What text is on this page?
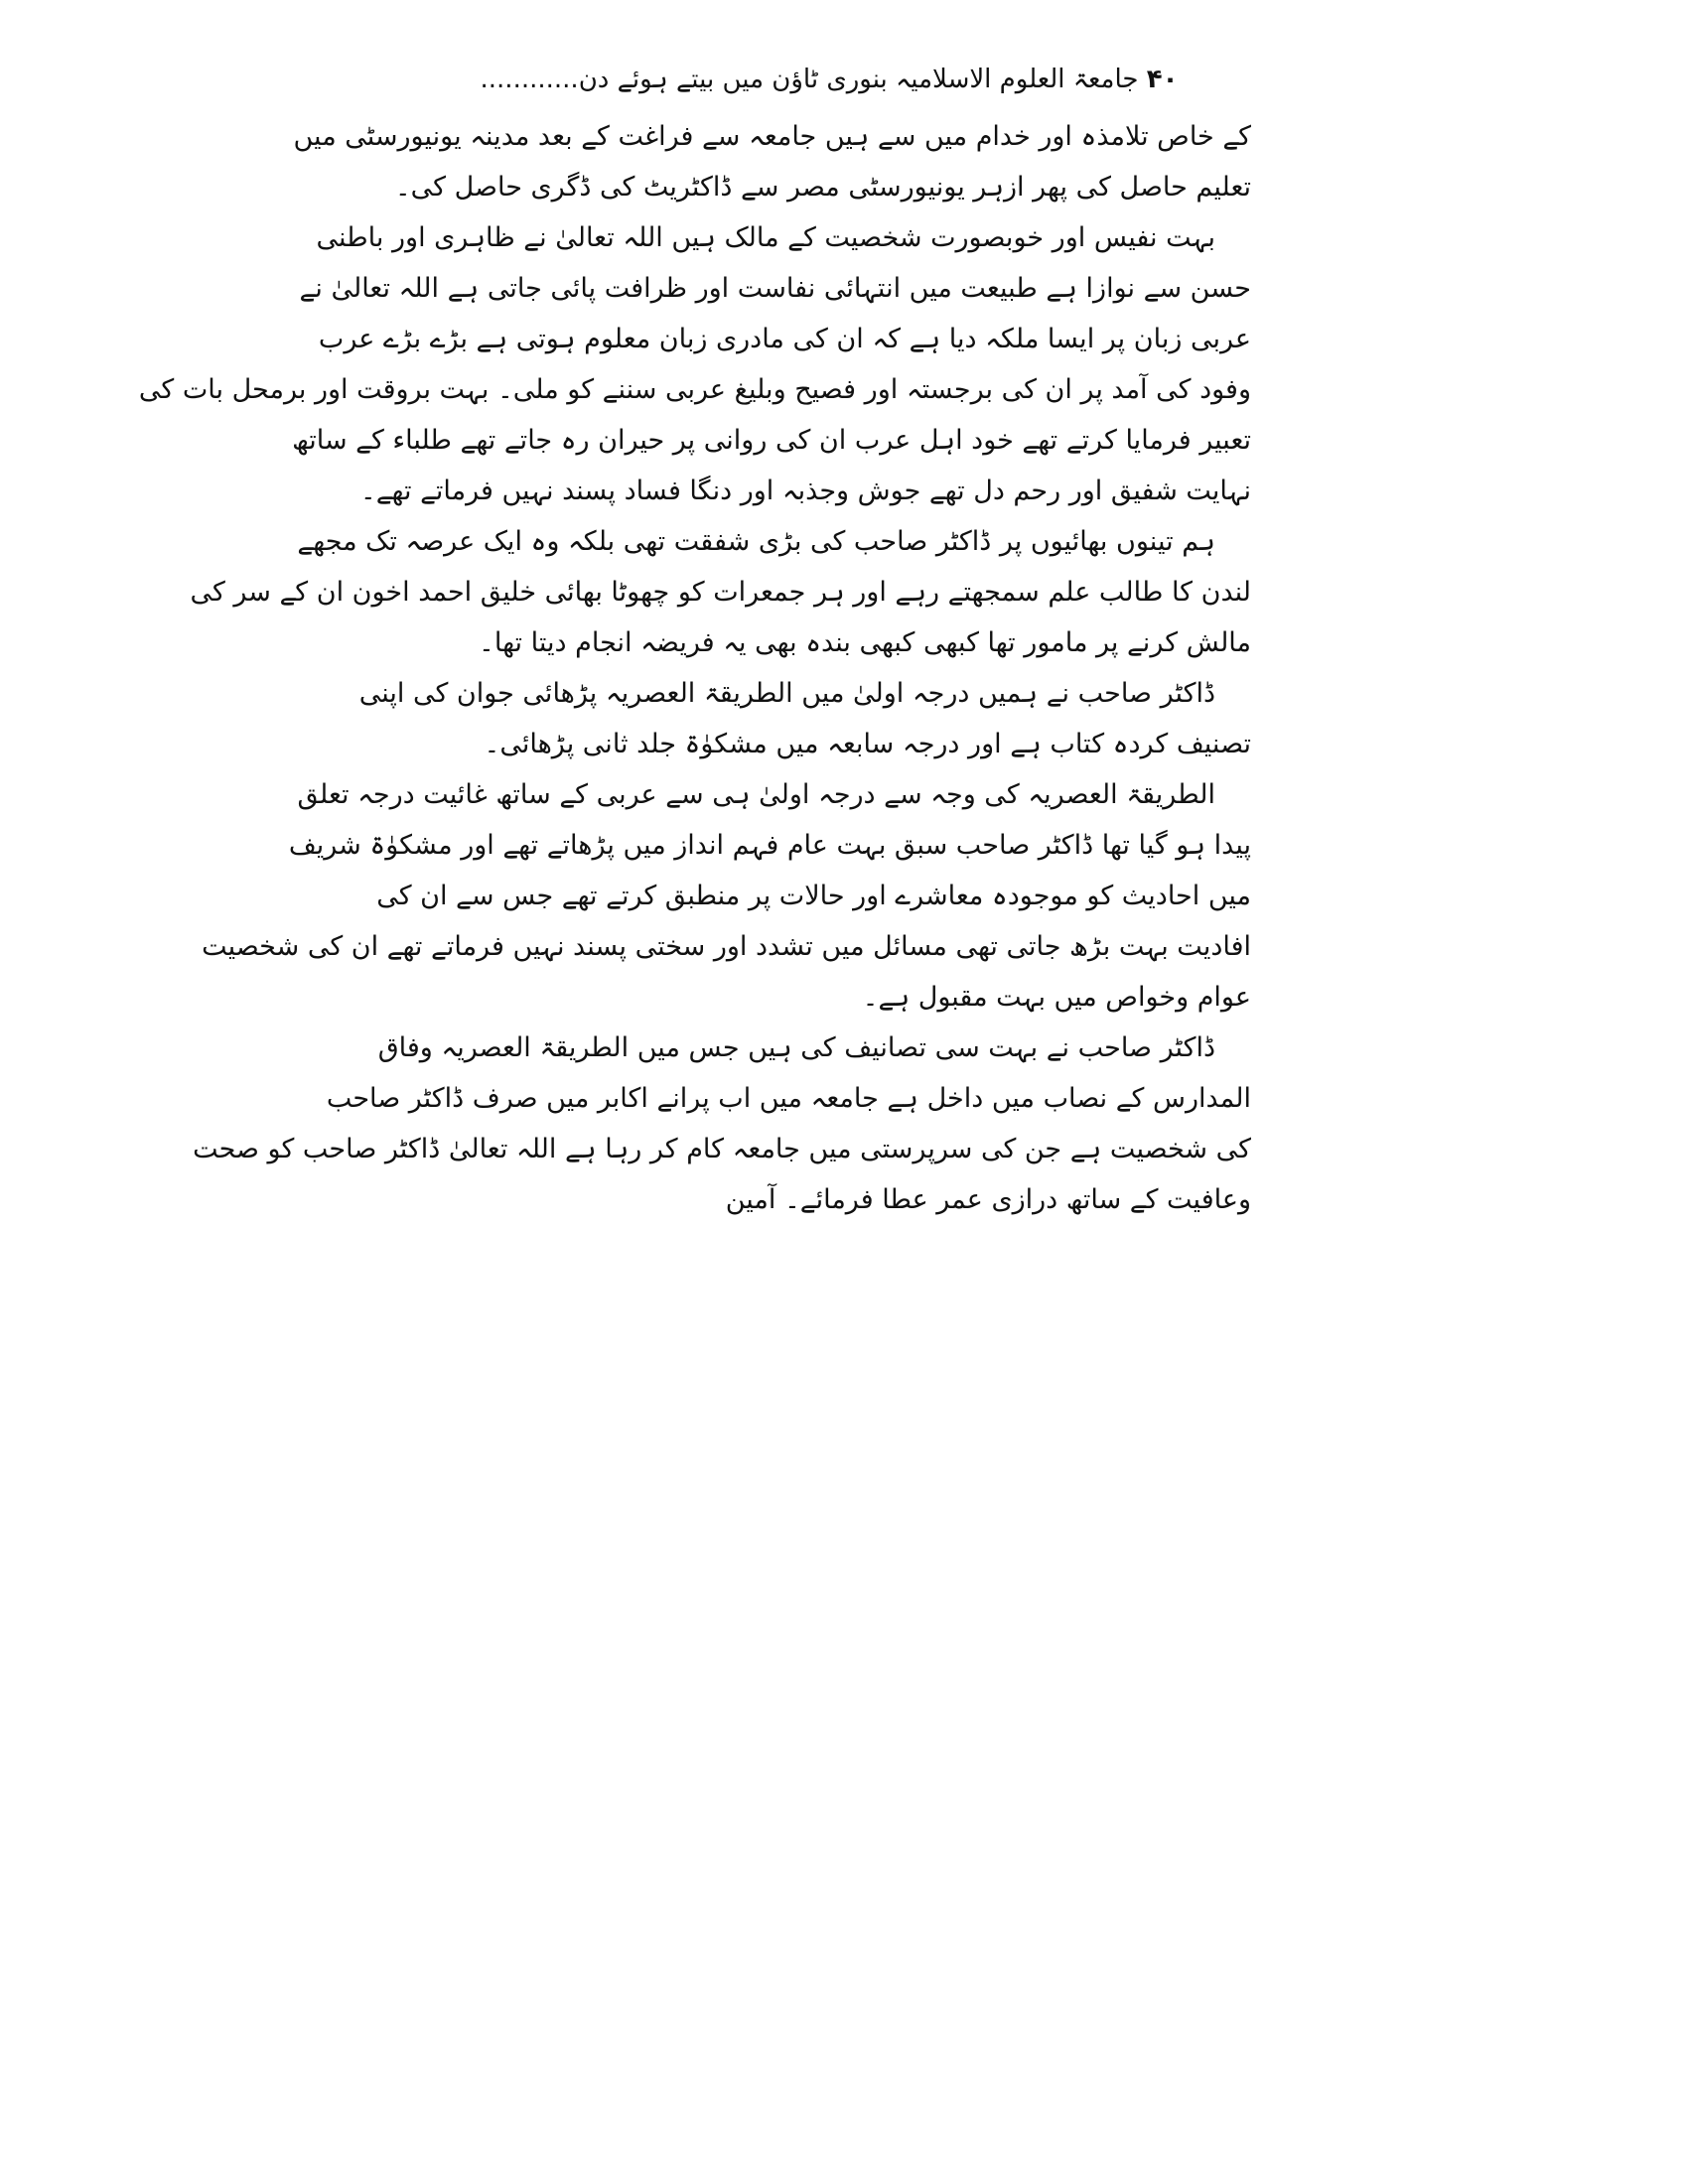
۴۰ جامعۃ العلوم الاسلامیہ بنوری ٹاؤن میں بیتے ہوئے دن............
کے خاص تلامذہ اور خدام میں سے ہیں جامعہ سے فراغت کے بعد مدینہ یونیورسٹی میں
تعلیم حاصل کی پھر ازہر یونیورسٹی مصر سے ڈاکٹریٹ کی ڈگری حاصل کی۔
بہت نفیس اور خوبصورت شخصیت کے مالک ہیں اللہ تعالیٰ نے ظاہری اور باطنی
حسن سے نوازا ہے طبیعت میں انتہائی نفاست اور ظرافت پائی جاتی ہے اللہ تعالیٰ نے
عربی زبان پر ایسا ملکہ دیا ہے کہ ان کی مادری زبان معلوم ہوتی ہے بڑے بڑے عرب
وفود کی آمد پر ان کی برجستہ اور فصیح وبلیغ عربی سننے کو ملی۔ بہت بروقت اور برمحل بات کی
تعبیر فرمایا کرتے تھے خود اہل عرب ان کی روانی پر حیران رہ جاتے تھے طلباء کے ساتھ
نہایت شفیق اور رحم دل تھے جوش وجذبہ اور دنگا فساد پسند نہیں فرماتے تھے۔
ہم تینوں بھائیوں پر ڈاکٹر صاحب کی بڑی شفقت تھی بلکہ وہ ایک عرصہ تک مجھے
لندن کا طالب علم سمجھتے رہے اور ہر جمعرات کو چھوٹا بھائی خلیق احمد اخون ان کے سر کی
مالش کرنے پر مامور تھا کبھی کبھی بندہ بھی یہ فریضہ انجام دیتا تھا۔
ڈاکٹر صاحب نے ہمیں درجہ اولیٰ میں الطریقۃ العصریہ پڑھائی جوان کی اپنی
تصنیف کردہ کتاب ہے اور درجہ سابعہ میں مشکوٰۃ جلد ثانی پڑھائی۔
الطریقۃ العصریہ کی وجہ سے درجہ اولیٰ ہی سے عربی کے ساتھ غائیت درجہ تعلق
پیدا ہو گیا تھا ڈاکٹر صاحب سبق بہت عام فہم انداز میں پڑھاتے تھے اور مشکوٰۃ شریف
میں احادیث کو موجودہ معاشرے اور حالات پر منطبق کرتے تھے جس سے ان کی
افادیت بہت بڑھ جاتی تھی مسائل میں تشدد اور سختی پسند نہیں فرماتے تھے ان کی شخصیت
عوام وخواص میں بہت مقبول ہے۔
ڈاکٹر صاحب نے بہت سی تصانیف کی ہیں جس میں الطریقۃ العصریہ وفاق
المدارس کے نصاب میں داخل ہے جامعہ میں اب پرانے اکابر میں صرف ڈاکٹر صاحب
کی شخصیت ہے جن کی سرپرستی میں جامعہ کام کر رہا ہے اللہ تعالیٰ ڈاکٹر صاحب کو صحت
وعافیت کے ساتھ درازی عمر عطا فرمائے۔ آمین
